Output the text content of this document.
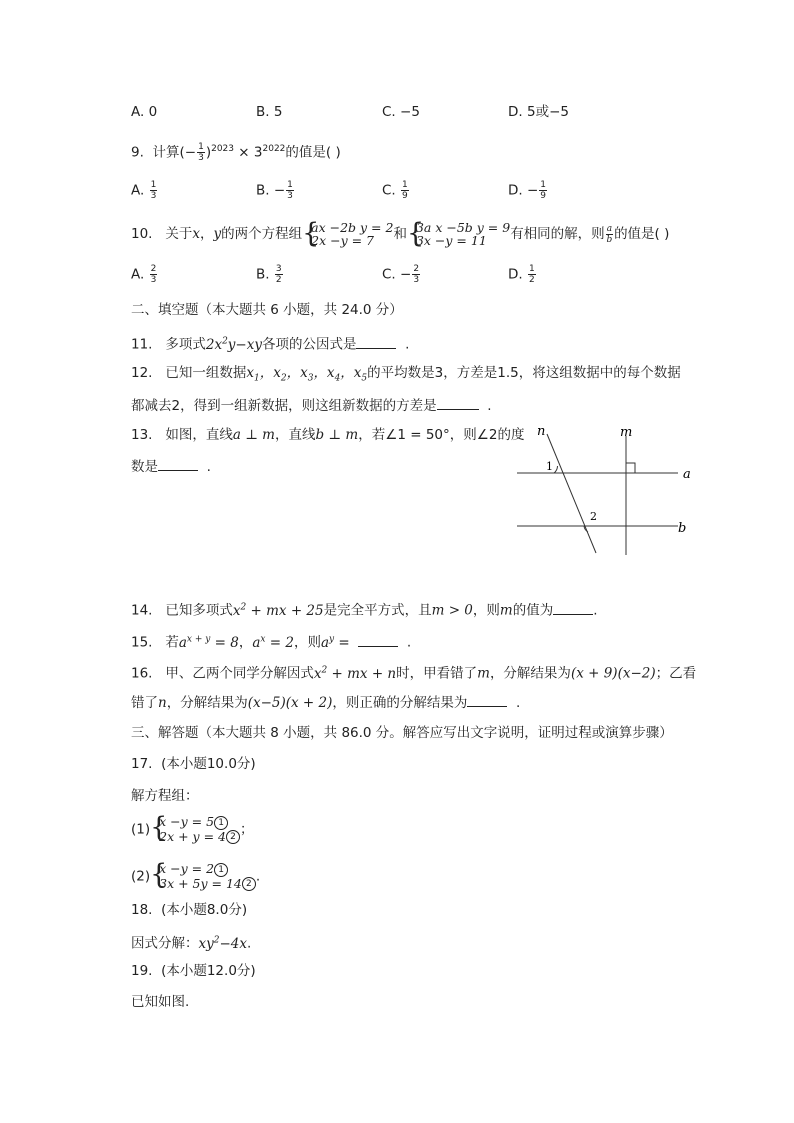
A. 0	B. 5	C. −5	D. 5或−5
9. 计算(− $\frac{1}{3} )^{2023} \times 3^{2022}$的值是( )
A. $\frac{1}{3}$	B. − $\frac{1}{3}$	C. $\frac{1}{9}$	D. − $\frac{1}{9}$
10. 关于x，y的两个方程组 {
ax −2b y = 2
2x −y = 7	和 {
3a x −5b y = 9
3x −y = 11	有相同的解，则 $\frac{a}{b}$ 的值是( )
A. $\frac{2}{3}$	B. $\frac{3}{2}$	C. − $\frac{2}{3}$	D. $\frac{1}{2}$
二、填空题（本大题共 6 小题，共 24.0 分）
11. 多项式$2x^2y-xy$各项的公因式是	.
12. 已知一组数据$x_1$，$x_2$，$x_3$，$x_4$，$x_5$的平均数是3，方差是1.5，将这组数据中的每个数据
都减去2，得到一组新数据，则这组新数据的方差是	.
13. 如图，直线a ⊥ m，直线b ⊥ m，若∠1 = 50°，则∠2的度
数是	.
n	m
a
b
1
2
14. 已知多项式$x^2$ + mx + 25是完全平方式，且m > 0，则m的值为	.
15. 若$a^{x + y} = 8$，$a^x = 2$，则$a^y$ =	.
16. 甲、乙两个同学分解因式$x^2$ + mx + n时，甲看错了m，分解结果为(x + 9)(x−2)；乙看
错了n，分解结果为(x−5)(x + 2)，则正确的分解结果为	.
三、解答题（本大题共 8 小题，共 86.0 分。解答应写出文字说明，证明过程或演算步骤）
17. (本小题10.0分)
解方程组：
(1) {
x −y = 5 1
2x + y = 4 2 ；
(2) {
x −y = 2 1
3x + 5y = 14 2 .
18. (本小题8.0分)
因式分解：$xy^2-4x$.
19. (本小题12.0分)
已知如图.
